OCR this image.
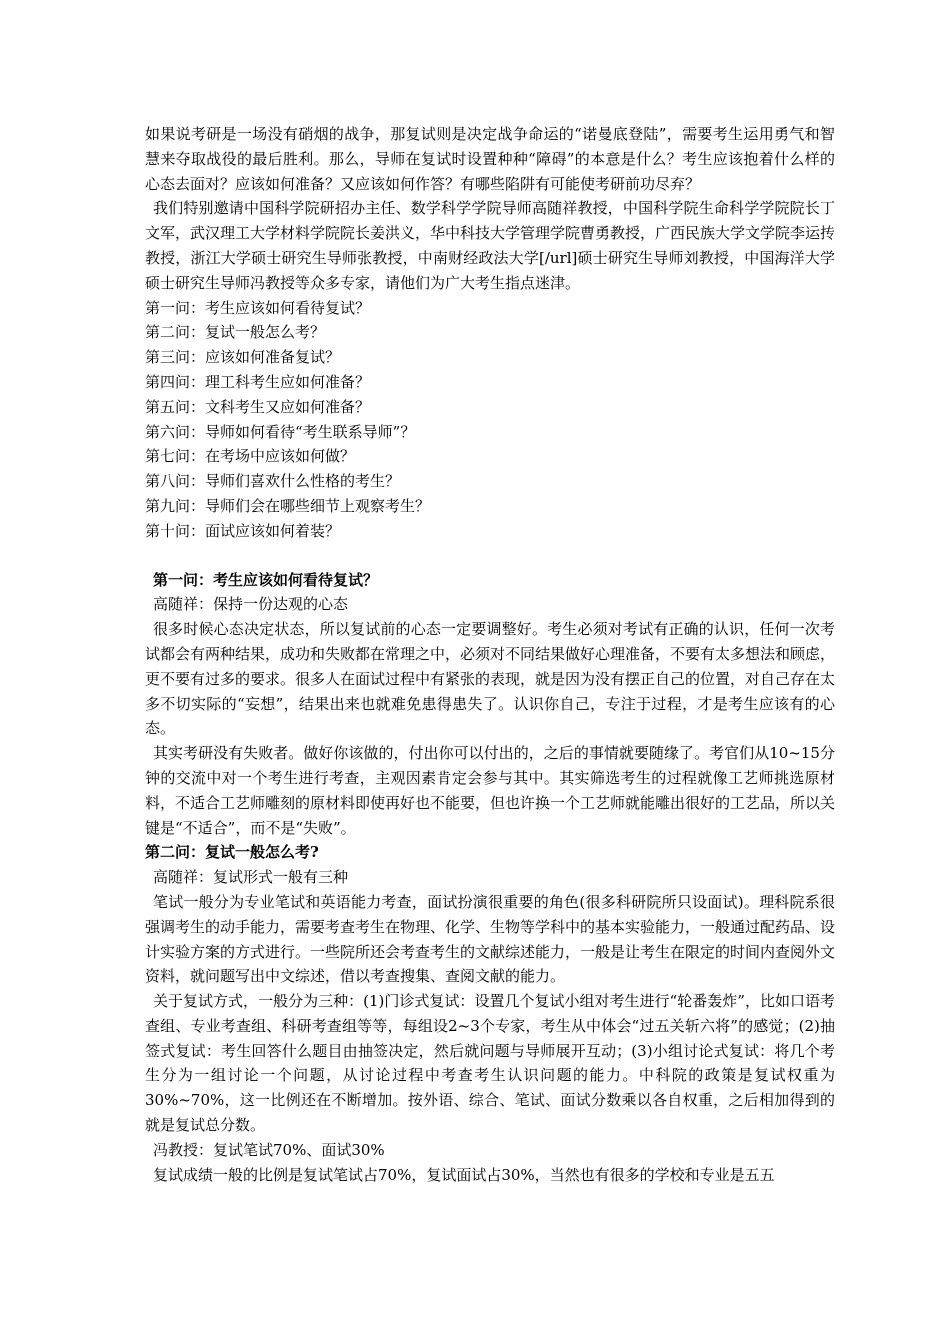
如果说考研是一场没有硝烟的战争，那复试则是决定战争命运的“诺曼底登陆”，需要考生运用勇气和智慧来夺取战役的最后胜利。那么，导师在复试时设置种种“障碍”的本意是什么？考生应该抱着什么样的心态去面对？应该如何准备？又应该如何作答？有哪些陷阱有可能使考研前功尽弃？

我们特别邀请中国科学院研招办主任、数学科学学院导师高随祥教授，中国科学院生命科学学院院长丁文军，武汉理工大学材料学院院长姜洪义，华中科技大学管理学院曹勇教授，广西民族大学文学院李运抟教授，浙江大学硕士研究生导师张教授，中南财经政法大学[/url]硕士研究生导师刘教授，中国海洋大学硕士研究生导师冯教授等众多专家，请他们为广大考生指点迷津。

第一问：考生应该如何看待复试？

第二问：复试一般怎么考？

第三问：应该如何准备复试？

第四问：理工科考生应如何准备？

第五问：文科考生又应如何准备？

第六问：导师如何看待“考生联系导师”？

第七问：在考场中应该如何做？

第八问：导师们喜欢什么性格的考生？

第九问：导师们会在哪些细节上观察考生？

第十问：面试应该如何着装？

第一问：考生应该如何看待复试？

高随祥：保持一份达观的心态

很多时候心态决定状态，所以复试前的心态一定要调整好。考生必须对考试有正确的认识，任何一次考试都会有两种结果，成功和失败都在常理之中，必须对不同结果做好心理准备，不要有太多想法和顾虑，更不要有过多的要求。很多人在面试过程中有紧张的表现，就是因为没有摆正自己的位置，对自己存在太多不切实际的“妄想”，结果出来也就难免患得患失了。认识你自己，专注于过程，才是考生应该有的心态。

其实考研没有失败者。做好你该做的，付出你可以付出的，之后的事情就要随缘了。考官们从10~15分钟的交流中对一个考生进行考查，主观因素肯定会参与其中。其实筛选考生的过程就像工艺师挑选原材料，不适合工艺师雕刻的原材料即使再好也不能要，但也许换一个工艺师就能雕出很好的工艺品，所以关键是“不适合”，而不是“失败”。

第二问：复试一般怎么考?

高随祥：复试形式一般有三种

笔试一般分为专业笔试和英语能力考查，面试扮演很重要的角色(很多科研院所只设面试)。理科院系很强调考生的动手能力，需要考查考生在物理、化学、生物等学科中的基本实验能力，一般通过配药品、设计实验方案的方式进行。一些院所还会考查考生的文献综述能力，一般是让考生在限定的时间内查阅外文资料，就问题写出中文综述，借以考查搜集、查阅文献的能力。

关于复试方式，一般分为三种：(1)门诊式复试：设置几个复试小组对考生进行“轮番轰炸”，比如口语考查组、专业考查组、科研考查组等等，每组设2~3个专家，考生从中体会“过五关斩六将”的感觉；(2)抽签式复试：考生回答什么题目由抽签决定，然后就问题与导师展开互动；(3)小组讨论式复试：将几个考生分为一组讨论一个问题，从讨论过程中考查考生认识问题的能力。中科院的政策是复试权重为30%~70%，这一比例还在不断增加。按外语、综合、笔试、面试分数乘以各自权重，之后相加得到的就是复试总分数。

冯教授：复试笔试70%、面试30%

复试成绩一般的比例是复试笔试占70%，复试面试占30%，当然也有很多的学校和专业是五五
